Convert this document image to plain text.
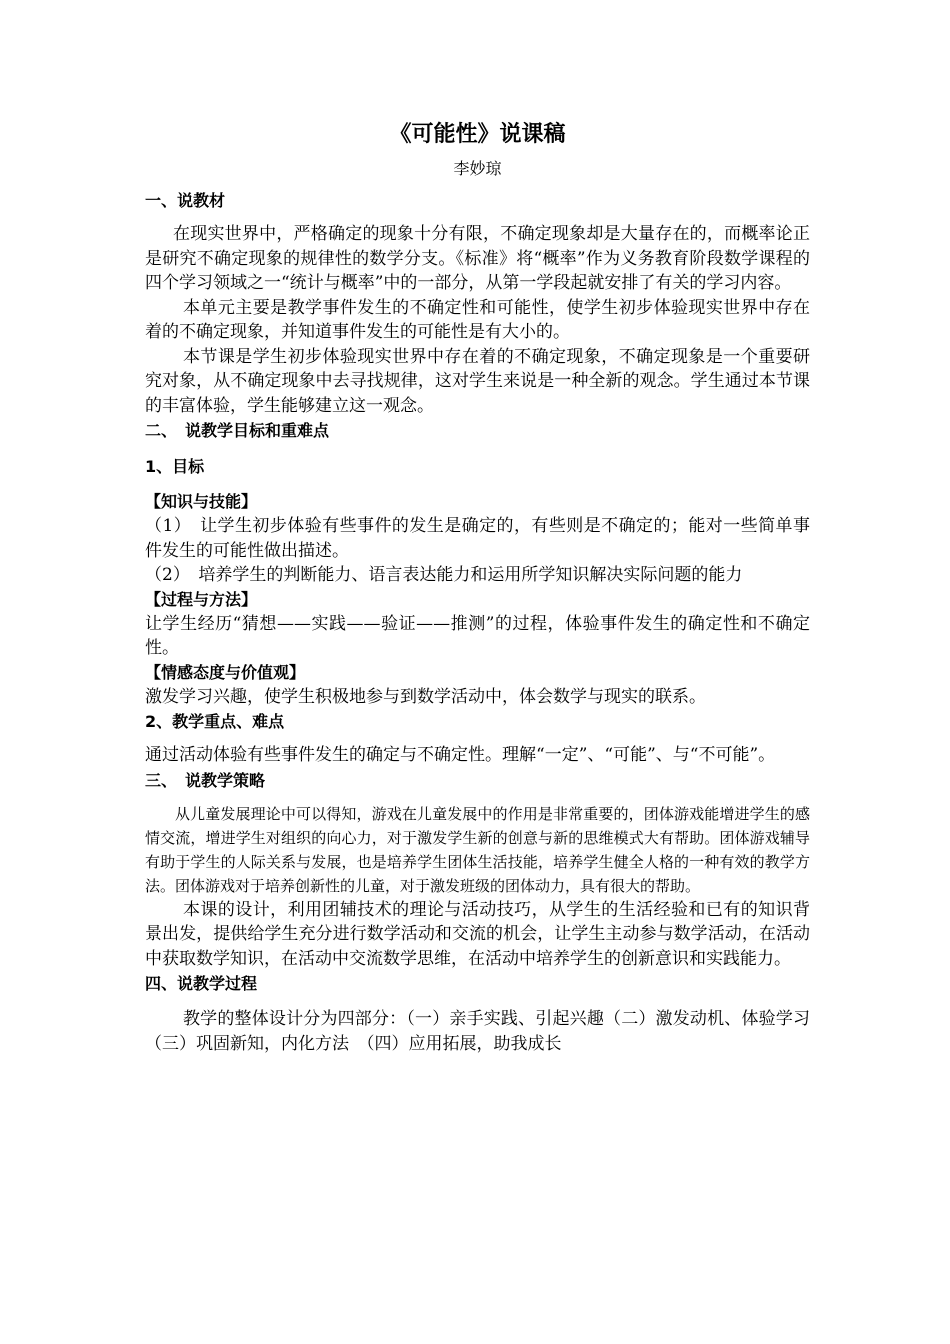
《可能性》说课稿
李妙琼
一、说教材

在现实世界中，严格确定的现象十分有限，不确定现象却是大量存在的，而概率论正是研究不确定现象的规律性的数学分支。《标准》将“概率”作为义务教育阶段数学课程的四个学习领域之一“统计与概率”中的一部分，从第一学段起就安排了有关的学习内容。

本单元主要是教学事件发生的不确定性和可能性，使学生初步体验现实世界中存在着的不确定现象，并知道事件发生的可能性是有大小的。

本节课是学生初步体验现实世界中存在着的不确定现象，不确定现象是一个重要研究对象，从不确定现象中去寻找规律，这对学生来说是一种全新的观念。学生通过本节课的丰富体验，学生能够建立这一观念。

二、　说教学目标和重难点
1、目标
【知识与技能】

（1）　让学生初步体验有些事件的发生是确定的，有些则是不确定的；能对一些简单事件发生的可能性做出描述。

（2）　培养学生的判断能力、语言表达能力和运用所学知识解决实际问题的能力

【过程与方法】

让学生经历“猜想——实践——验证——推测”的过程，体验事件发生的确定性和不确定性。

【情感态度与价值观】

激发学习兴趣，使学生积极地参与到数学活动中，体会数学与现实的联系。

2、教学重点、难点

通过活动体验有些事件发生的确定与不确定性。理解“一定”、“可能”、与“不可能”。

三、　说教学策略

从儿童发展理论中可以得知，游戏在儿童发展中的作用是非常重要的，团体游戏能增进学生的感情交流，增进学生对组织的向心力，对于激发学生新的创意与新的思维模式大有帮助。团体游戏辅导有助于学生的人际关系与发展，也是培养学生团体生活技能，培养学生健全人格的一种有效的教学方法。团体游戏对于培养创新性的儿童，对于激发班级的团体动力，具有很大的帮助。

本课的设计，利用团辅技术的理论与活动技巧，从学生的生活经验和已有的知识背景出发，提供给学生充分进行数学活动和交流的机会，让学生主动参与数学活动，在活动中获取数学知识，在活动中交流数学思维，在活动中培养学生的创新意识和实践能力。

四、说教学过程

教学的整体设计分为四部分：（一）亲手实践、引起兴趣（二）激发动机、体验学习（三）巩固新知，内化方法　（四）应用拓展，助我成长
